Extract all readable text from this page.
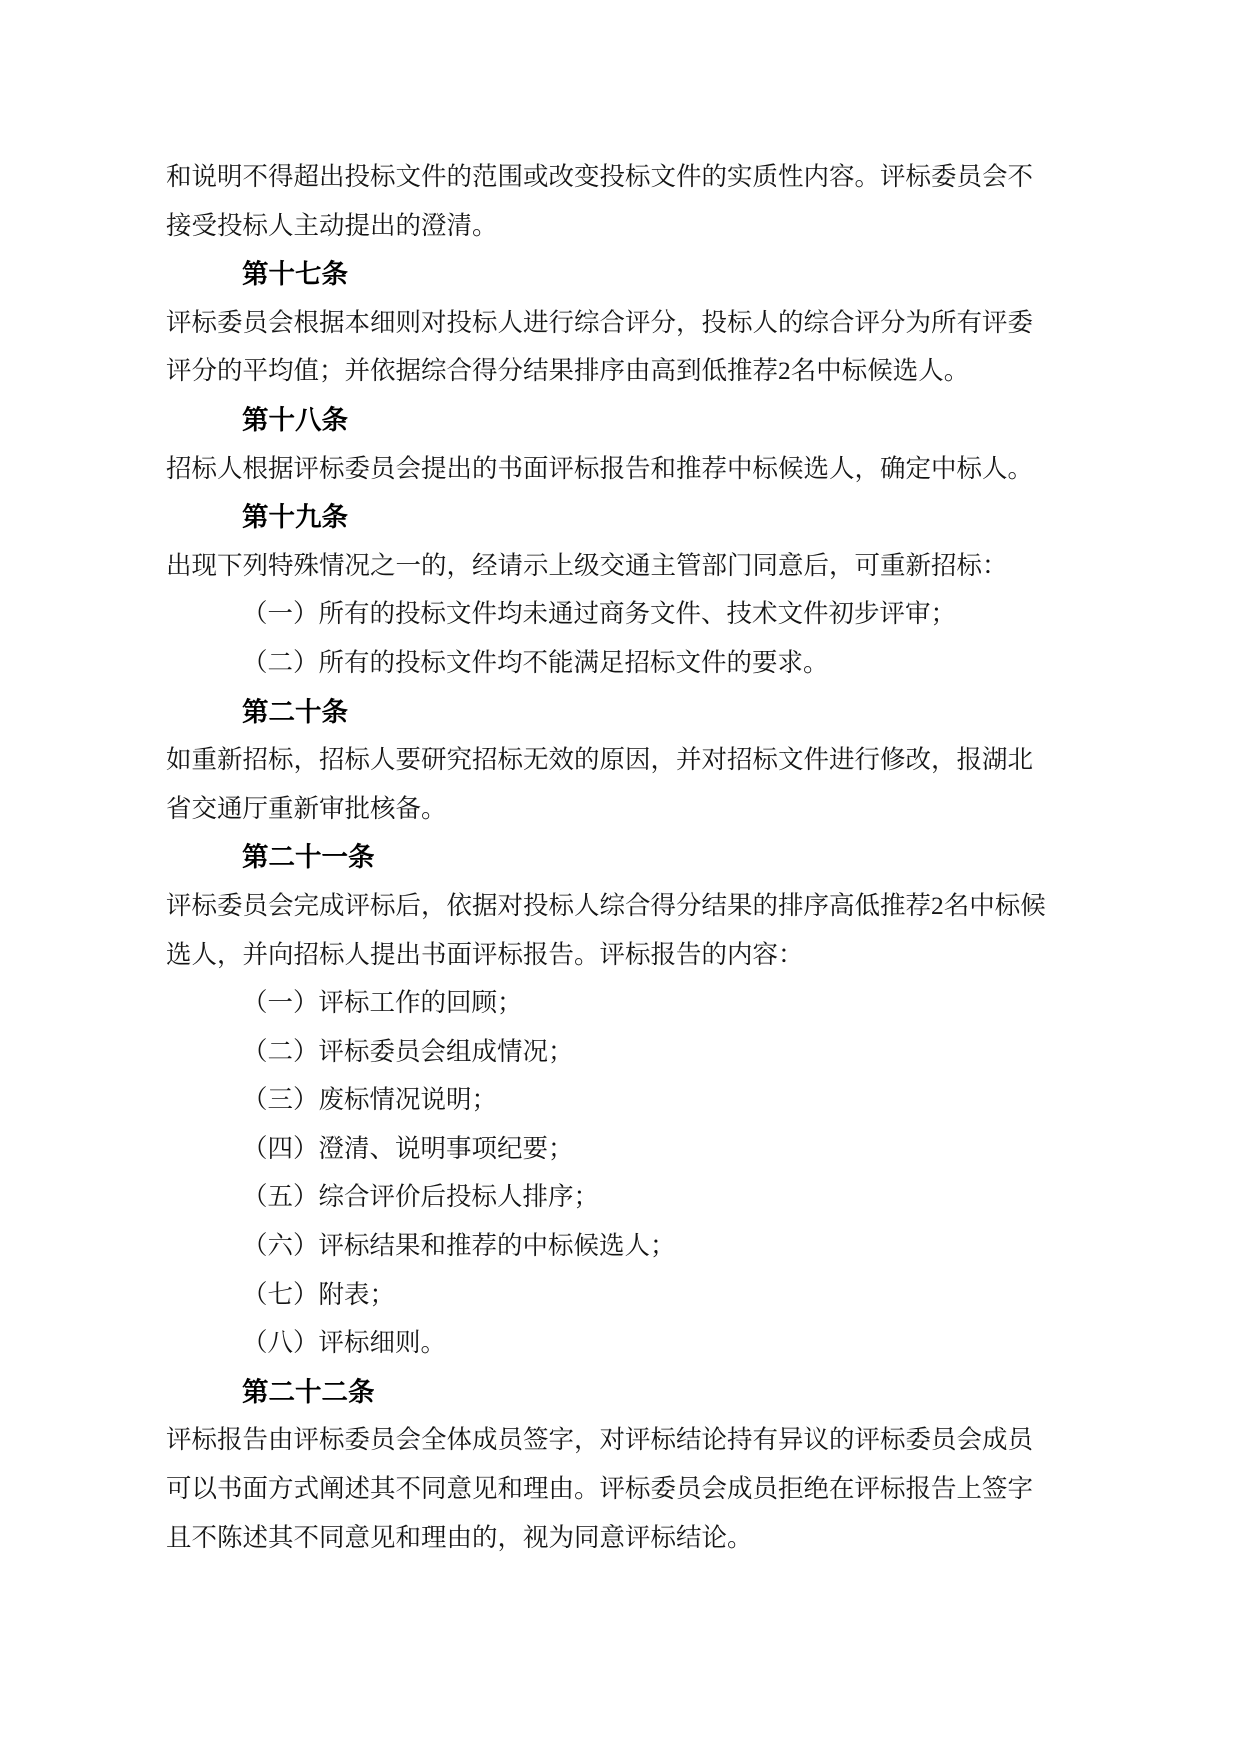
和说明不得超出投标文件的范围或改变投标文件的实质性内容。评标委员会不接受投标人主动提出的澄清。

第十七条

评标委员会根据本细则对投标人进行综合评分，投标人的综合评分为所有评委评分的平均值；并依据综合得分结果排序由高到低推荐2名中标候选人。

第十八条

招标人根据评标委员会提出的书面评标报告和推荐中标候选人，确定中标人。

第十九条

出现下列特殊情况之一的，经请示上级交通主管部门同意后，可重新招标：

（一）所有的投标文件均未通过商务文件、技术文件初步评审；

（二）所有的投标文件均不能满足招标文件的要求。

第二十条

如重新招标，招标人要研究招标无效的原因，并对招标文件进行修改，报湖北省交通厅重新审批核备。

第二十一条

评标委员会完成评标后，依据对投标人综合得分结果的排序高低推荐2名中标候选人，并向招标人提出书面评标报告。评标报告的内容：

（一）评标工作的回顾；

（二）评标委员会组成情况；

（三）废标情况说明；

（四）澄清、说明事项纪要；

（五）综合评价后投标人排序；

（六）评标结果和推荐的中标候选人；

（七）附表；

（八）评标细则。

第二十二条

评标报告由评标委员会全体成员签字，对评标结论持有异议的评标委员会成员可以书面方式阐述其不同意见和理由。评标委员会成员拒绝在评标报告上签字且不陈述其不同意见和理由的，视为同意评标结论。
